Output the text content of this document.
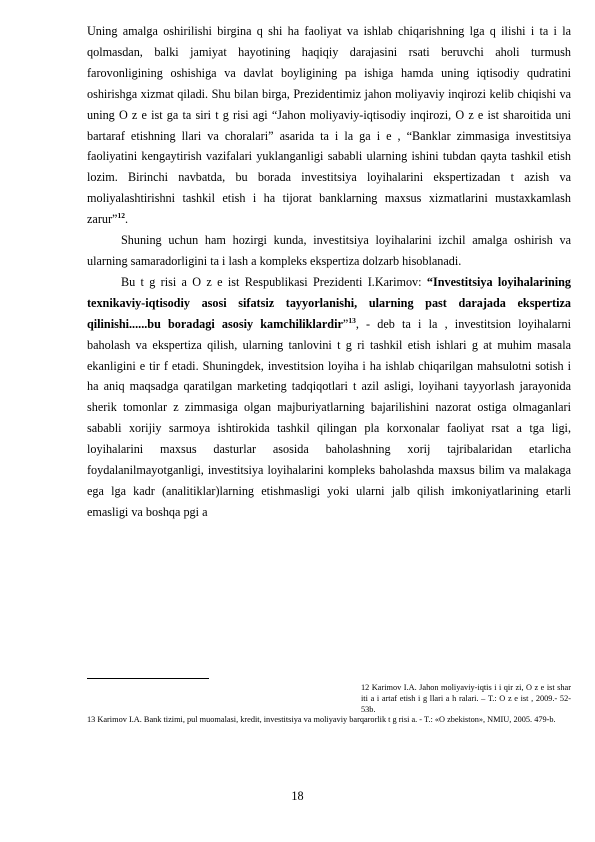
Uning amalga oshirilishi birgina q shi ha faoliyat va ishlab chiqarishning lga q ilishi i ta i la qolmasdan, balki jamiyat hayotining haqiqiy darajasini rsati beruvchi aholi turmush farovonligining oshishiga va davlat boyligining pa ishiga hamda uning iqtisodiy qudratini oshirishga xizmat qiladi. Shu bilan birga, Prezidentimiz jahon moliyaviy inqirozi kelib chiqishi va uning O z e ist ga ta siri t g risi agi “Jahon moliyaviy-iqtisodiy inqirozi, O z e ist sharoitida uni bartaraf etishning llari va choralari” asarida ta i la ga i e , “Banklar zimmasiga investitsiya faoliyatini kengaytirish vazifalari yuklanganligi sababli ularning ishini tubdan qayta tashkil etish lozim. Birinchi navbatda, bu borada investitsiya loyihalarini ekspertizadan t azish va moliyalashtirishni tashkil etish i ha tijorat banklarning maxsus xizmatlarini mustaxkamlash zarur”$^{12}$.

Shuning uchun ham hozirgi kunda, investitsiya loyihalarini izchil amalga oshirish va ularning samaradorligini ta i lash a kompleks ekspertiza dolzarb hisoblanadi.

Bu t g risi a O z e ist Respublikasi Prezidenti I.Karimov: “Investitsiya loyihalarining texnikaviy-iqtisodiy asosi sifatsiz tayyorlanishi, ularning past darajada ekspertiza qilinishi......bu boradagi asosiy kamchiliklardir”$^{13}$, - deb ta i la , investitsion loyihalarni baholash va ekspertiza qilish, ularning tanlovini t g ri tashkil etish ishlari g at muhim masala ekanligini e tir f etadi. Shuningdek, investitsion loyiha i ha ishlab chiqarilgan mahsulotni sotish i ha aniq maqsadga qaratilgan marketing tadqiqotlari t azil asligi, loyihani tayyorlash jarayonida sherik tomonlar z zimmasiga olgan majburiyatlarning bajarilishini nazorat ostiga olmaganlari sababli xorijiy sarmoya ishtirokida tashkil qilingan pla korxonalar faoliyat rsat a tga ligi, loyihalarini maxsus dasturlar asosida baholashning xorij tajribalaridan etarlicha foydalanilmayotganligi, investitsiya loyihalarini kompleks baholashda maxsus bilim va malakaga ega lga kadr (analitiklar)larning etishmasligi yoki ularni jalb qilish imkoniyatlarining etarli emasligi va boshqa pgi a

12 Karimov I.A. Jahon moliyaviy-iqtis i i qir zi, O z e ist shar iti a i artaf etish i g llari a h ralari. – T.: O z e ist , 2009.- 52-53b.
13 Karimov I.A. Bank tizimi, pul muomalasi, kredit, investitsiya va moliyaviy barqarorlik t g risi a. - T.: «O zbekiston», NMIU, 2005. 479-b.
18
